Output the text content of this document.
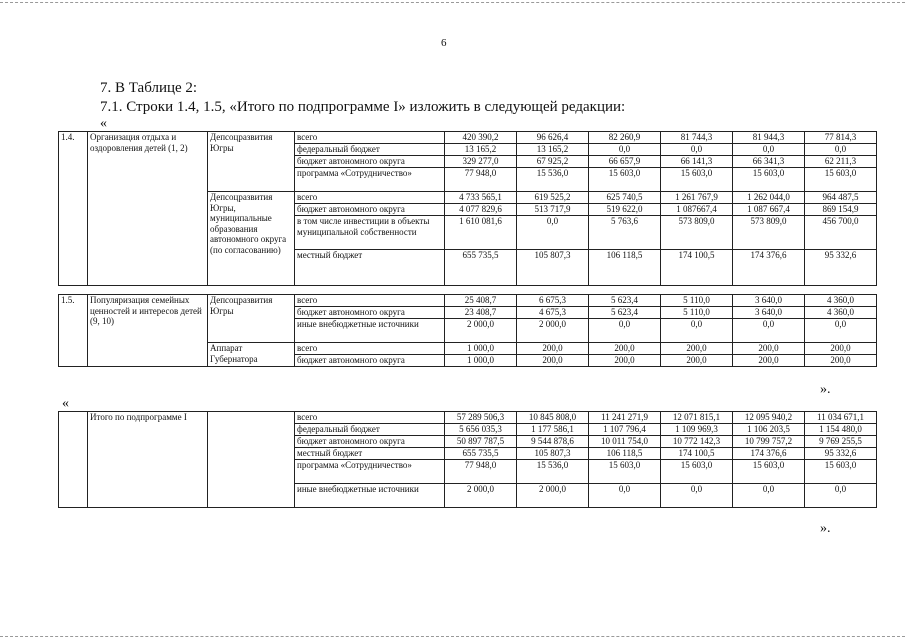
6
7. В Таблице 2:
7.1. Строки 1.4, 1.5, «Итого по подпрограмме I» изложить в следующей редакции:
«
1.4.	Организация отдыха и оздоровления детей (1, 2)	Депсоцразвития Югры	всего	420 390,2	96 626,4	82 260,9	81 744,3	81 944,3	77 814,3
			федеральный бюджет	13 165,2	13 165,2	0,0	0,0	0,0	0,0
			бюджет автономного округа	329 277,0	67 925,2	66 657,9	66 141,3	66 341,3	62 211,3
			программа «Сотрудничество»	77 948,0	15 536,0	15 603,0	15 603,0	15 603,0	15 603,0
		Депсоцразвития Югры, муниципальные образования автономного округа (по согласованию)	всего	4 733 565,1	619 525,2	625 740,5	1 261 767,9	1 262 044,0	964 487,5
			бюджет автономного округа	4 077 829,6	513 717,9	519 622,0	1 087667,4	1 087 667,4	869 154,9
			в том числе инвестиции в объекты муниципальной собственности	1 610 081,6	0,0	5 763,6	573 809,0	573 809,0	456 700,0
			местный бюджет	655 735,5	105 807,3	106 118,5	174 100,5	174 376,6	95 332,6

1.5.	Популяризация семейных ценностей и интересов детей (9, 10)	Депсоцразвития Югры	всего	25 408,7	6 675,3	5 623,4	5 110,0	3 640,0	4 360,0
			бюджет автономного округа	23 408,7	4 675,3	5 623,4	5 110,0	3 640,0	4 360,0
			иные внебюджетные источники	2 000,0	2 000,0	0,0	0,0	0,0	0,0
		Аппарат Губернатора	всего	1 000,0	200,0	200,0	200,0	200,0	200,0
			бюджет автономного округа	1 000,0	200,0	200,0	200,0	200,0	200,0
».
«
	Итого по подпрограмме I		всего	57 289 506,3	10 845 808,0	11 241 271,9	12 071 815,1	12 095 940,2	11 034 671,1
			федеральный бюджет	5 656 035,3	1 177 586,1	1 107 796,4	1 109 969,3	1 106 203,5	1 154 480,0
			бюджет автономного округа	50 897 787,5	9 544 878,6	10 011 754,0	10 772 142,3	10 799 757,2	9 769 255,5
			местный бюджет	655 735,5	105 807,3	106 118,5	174 100,5	174 376,6	95 332,6
			программа «Сотрудничество»	77 948,0	15 536,0	15 603,0	15 603,0	15 603,0	15 603,0
			иные внебюджетные источники	2 000,0	2 000,0	0,0	0,0	0,0	0,0
».
